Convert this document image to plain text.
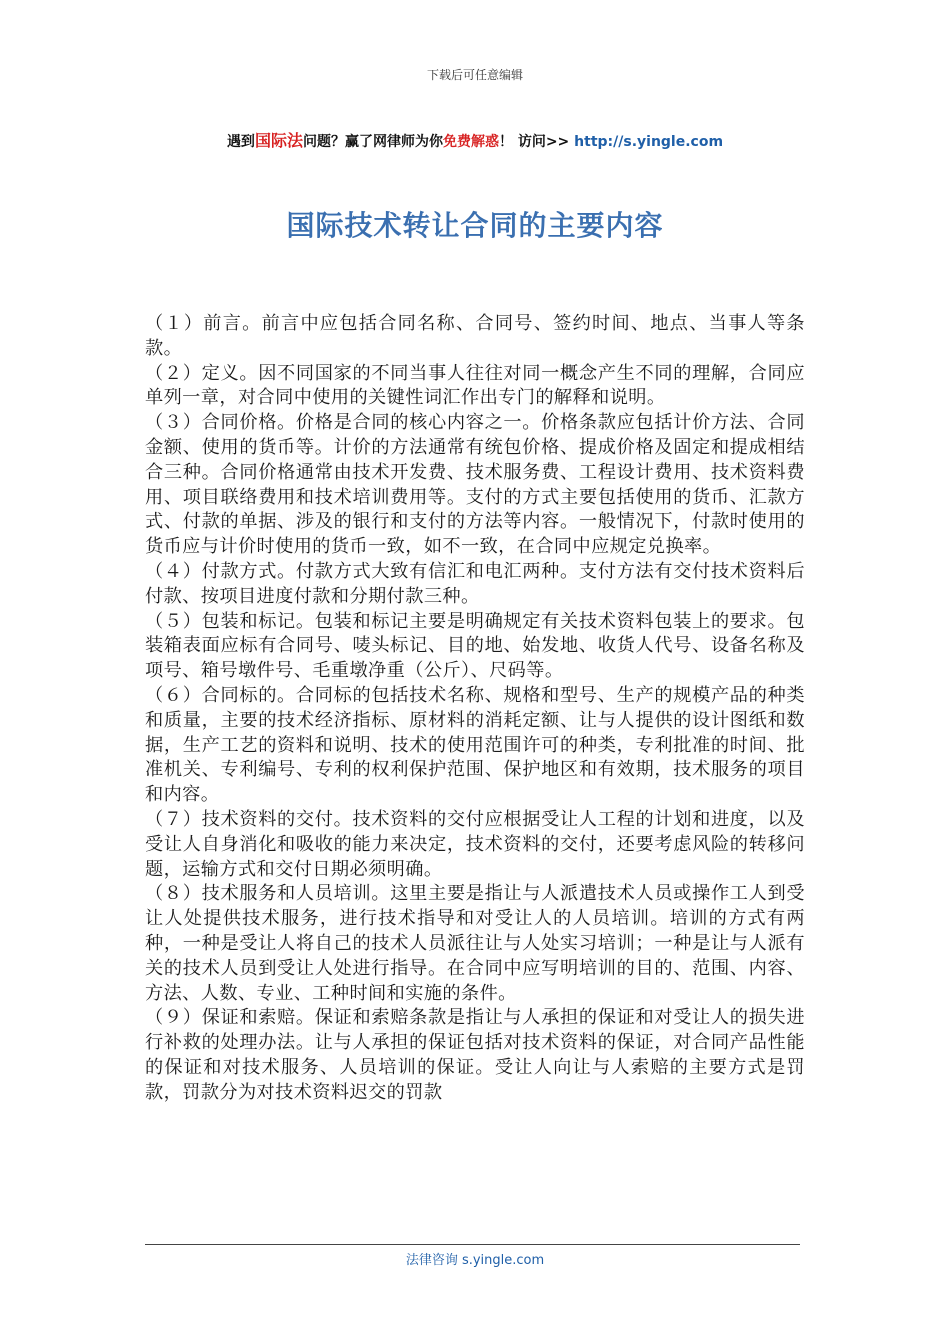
下载后可任意编辑
遇到国际法问题？赢了网律师为你免费解惑！ 访问>> http://s.yingle.com
国际技术转让合同的主要内容

（１）前言。前言中应包括合同名称、合同号、签约时间、地点、当事人等条款。

（２）定义。因不同国家的不同当事人往往对同一概念产生不同的理解，合同应单列一章，对合同中使用的关键性词汇作出专门的解释和说明。

（３）合同价格。价格是合同的核心内容之一。价格条款应包括计价方法、合同金额、使用的货币等。计价的方法通常有统包价格、提成价格及固定和提成相结合三种。合同价格通常由技术开发费、技术服务费、工程设计费用、技术资料费用、项目联络费用和技术培训费用等。支付的方式主要包括使用的货币、汇款方式、付款的单据、涉及的银行和支付的方法等内容。一般情况下，付款时使用的货币应与计价时使用的货币一致，如不一致，在合同中应规定兑换率。

（４）付款方式。付款方式大致有信汇和电汇两种。支付方法有交付技术资料后付款、按项目进度付款和分期付款三种。

（５）包装和标记。包装和标记主要是明确规定有关技术资料包装上的要求。包装箱表面应标有合同号、唛头标记、目的地、始发地、收货人代号、设备名称及项号、箱号墩件号、毛重墩净重（公斤）、尺码等。

（６）合同标的。合同标的包括技术名称、规格和型号、生产的规模产品的种类和质量，主要的技术经济指标、原材料的消耗定额、让与人提供的设计图纸和数据，生产工艺的资料和说明、技术的使用范围许可的种类，专利批准的时间、批准机关、专利编号、专利的权利保护范围、保护地区和有效期，技术服务的项目和内容。

（７）技术资料的交付。技术资料的交付应根据受让人工程的计划和进度，以及受让人自身消化和吸收的能力来决定，技术资料的交付，还要考虑风险的转移问题，运输方式和交付日期必须明确。

（８）技术服务和人员培训。这里主要是指让与人派遣技术人员或操作工人到受让人处提供技术服务，进行技术指导和对受让人的人员培训。培训的方式有两种，一种是受让人将自己的技术人员派往让与人处实习培训；一种是让与人派有关的技术人员到受让人处进行指导。在合同中应写明培训的目的、范围、内容、方法、人数、专业、工种时间和实施的条件。

（９）保证和索赔。保证和索赔条款是指让与人承担的保证和对受让人的损失进行补救的处理办法。让与人承担的保证包括对技术资料的保证，对合同产品性能的保证和对技术服务、人员培训的保证。受让人向让与人索赔的主要方式是罚款，罚款分为对技术资料迟交的罚款

法律咨询 s.yingle.com
